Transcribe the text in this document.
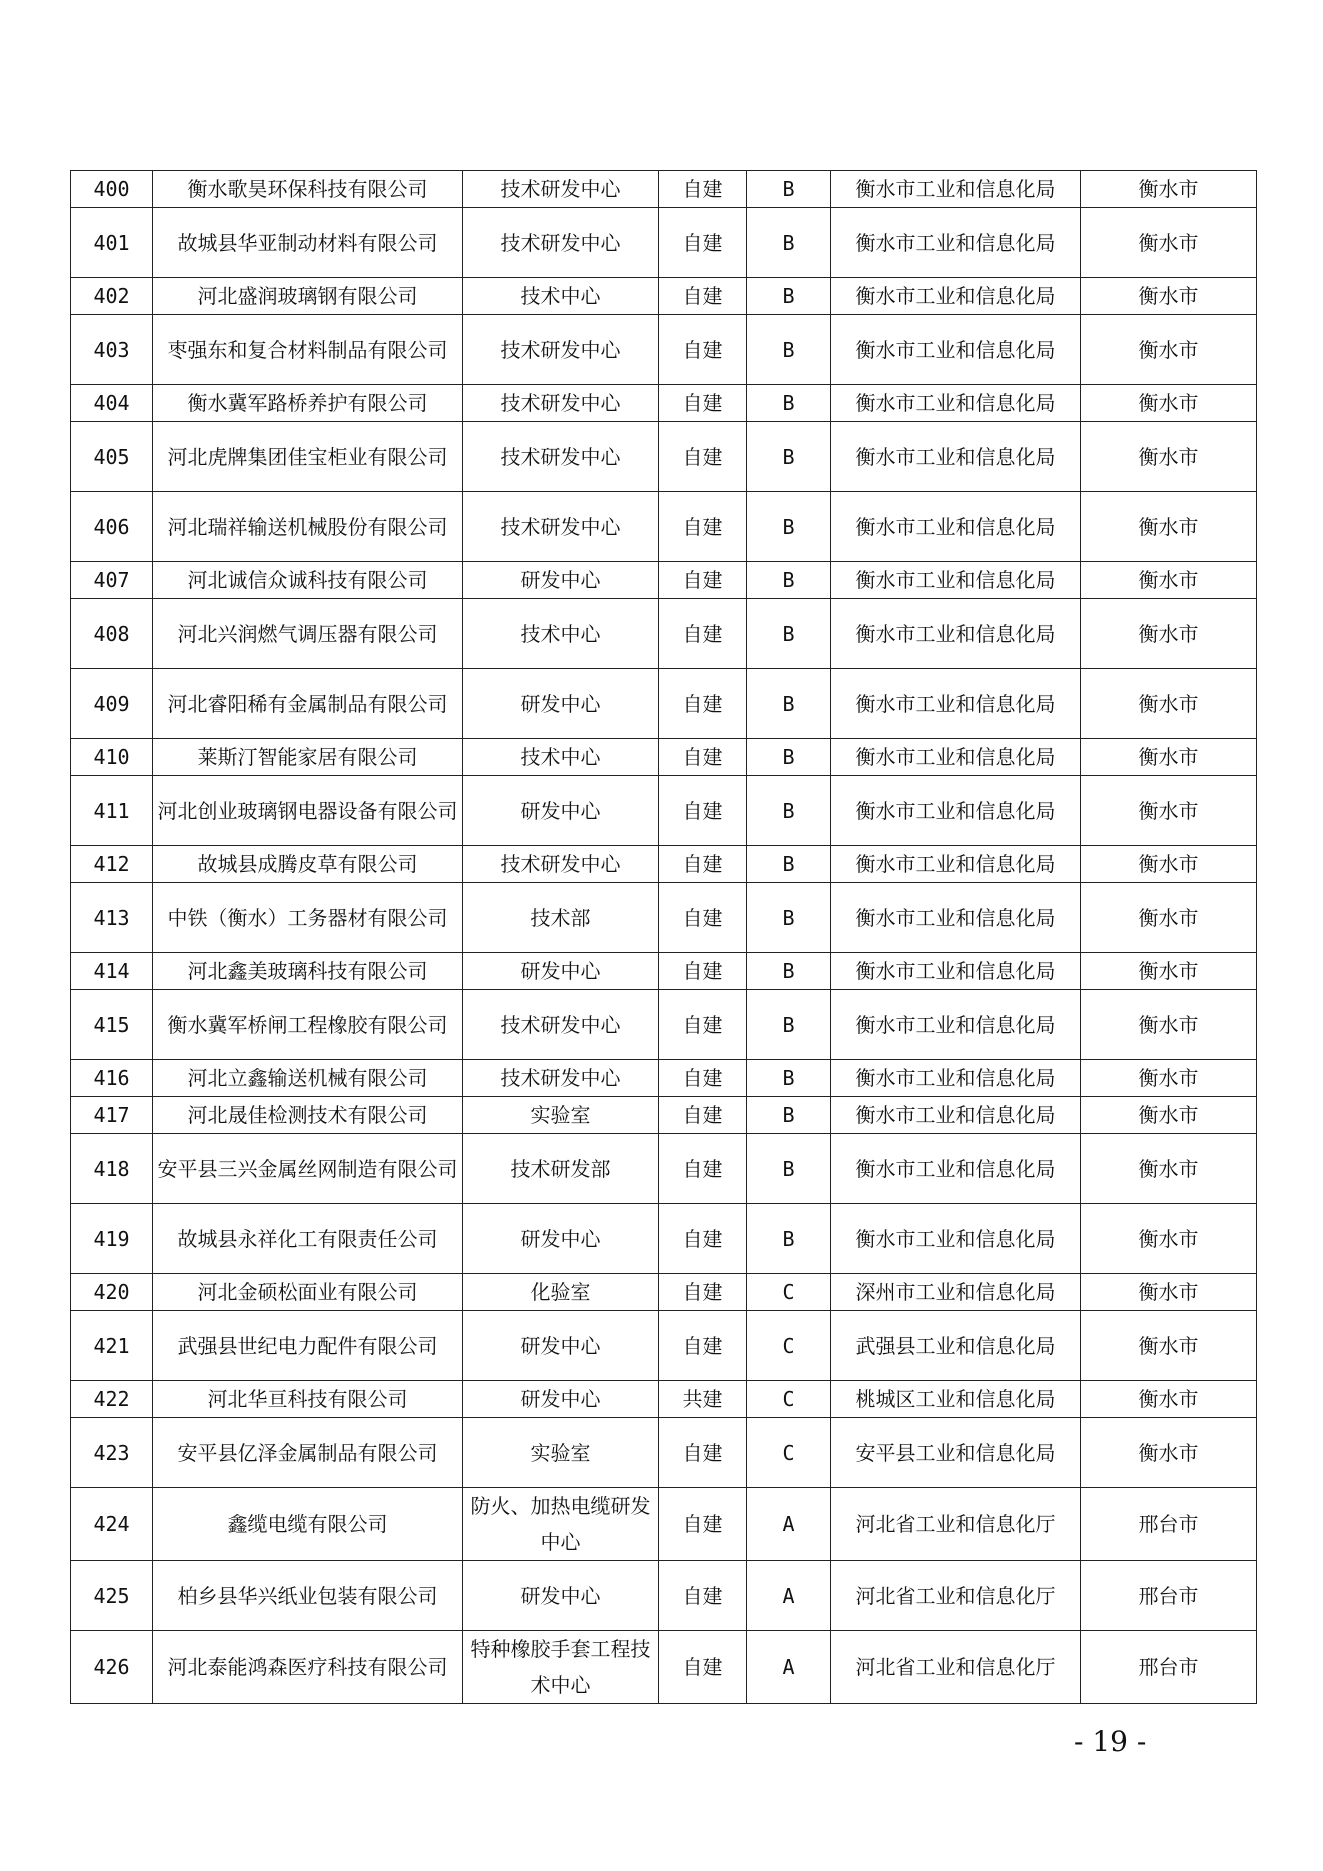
400	衡水歌昊环保科技有限公司	技术研发中心	自建	B	衡水市工业和信息化局	衡水市
401	故城县华亚制动材料有限公司	技术研发中心	自建	B	衡水市工业和信息化局	衡水市
402	河北盛润玻璃钢有限公司	技术中心	自建	B	衡水市工业和信息化局	衡水市
403	枣强东和复合材料制品有限公司	技术研发中心	自建	B	衡水市工业和信息化局	衡水市
404	衡水冀军路桥养护有限公司	技术研发中心	自建	B	衡水市工业和信息化局	衡水市
405	河北虎牌集团佳宝柜业有限公司	技术研发中心	自建	B	衡水市工业和信息化局	衡水市
406	河北瑞祥输送机械股份有限公司	技术研发中心	自建	B	衡水市工业和信息化局	衡水市
407	河北诚信众诚科技有限公司	研发中心	自建	B	衡水市工业和信息化局	衡水市
408	河北兴润燃气调压器有限公司	技术中心	自建	B	衡水市工业和信息化局	衡水市
409	河北睿阳稀有金属制品有限公司	研发中心	自建	B	衡水市工业和信息化局	衡水市
410	莱斯汀智能家居有限公司	技术中心	自建	B	衡水市工业和信息化局	衡水市
411	河北创业玻璃钢电器设备有限公司	研发中心	自建	B	衡水市工业和信息化局	衡水市
412	故城县成腾皮草有限公司	技术研发中心	自建	B	衡水市工业和信息化局	衡水市
413	中铁（衡水）工务器材有限公司	技术部	自建	B	衡水市工业和信息化局	衡水市
414	河北鑫美玻璃科技有限公司	研发中心	自建	B	衡水市工业和信息化局	衡水市
415	衡水冀军桥闸工程橡胶有限公司	技术研发中心	自建	B	衡水市工业和信息化局	衡水市
416	河北立鑫输送机械有限公司	技术研发中心	自建	B	衡水市工业和信息化局	衡水市
417	河北晟佳检测技术有限公司	实验室	自建	B	衡水市工业和信息化局	衡水市
418	安平县三兴金属丝网制造有限公司	技术研发部	自建	B	衡水市工业和信息化局	衡水市
419	故城县永祥化工有限责任公司	研发中心	自建	B	衡水市工业和信息化局	衡水市
420	河北金硕松面业有限公司	化验室	自建	C	深州市工业和信息化局	衡水市
421	武强县世纪电力配件有限公司	研发中心	自建	C	武强县工业和信息化局	衡水市
422	河北华亘科技有限公司	研发中心	共建	C	桃城区工业和信息化局	衡水市
423	安平县亿泽金属制品有限公司	实验室	自建	C	安平县工业和信息化局	衡水市
424	鑫缆电缆有限公司	防火、加热电缆研发中心	自建	A	河北省工业和信息化厅	邢台市
425	柏乡县华兴纸业包装有限公司	研发中心	自建	A	河北省工业和信息化厅	邢台市
426	河北泰能鸿森医疗科技有限公司	特种橡胶手套工程技术中心	自建	A	河北省工业和信息化厅	邢台市
- 19 -
